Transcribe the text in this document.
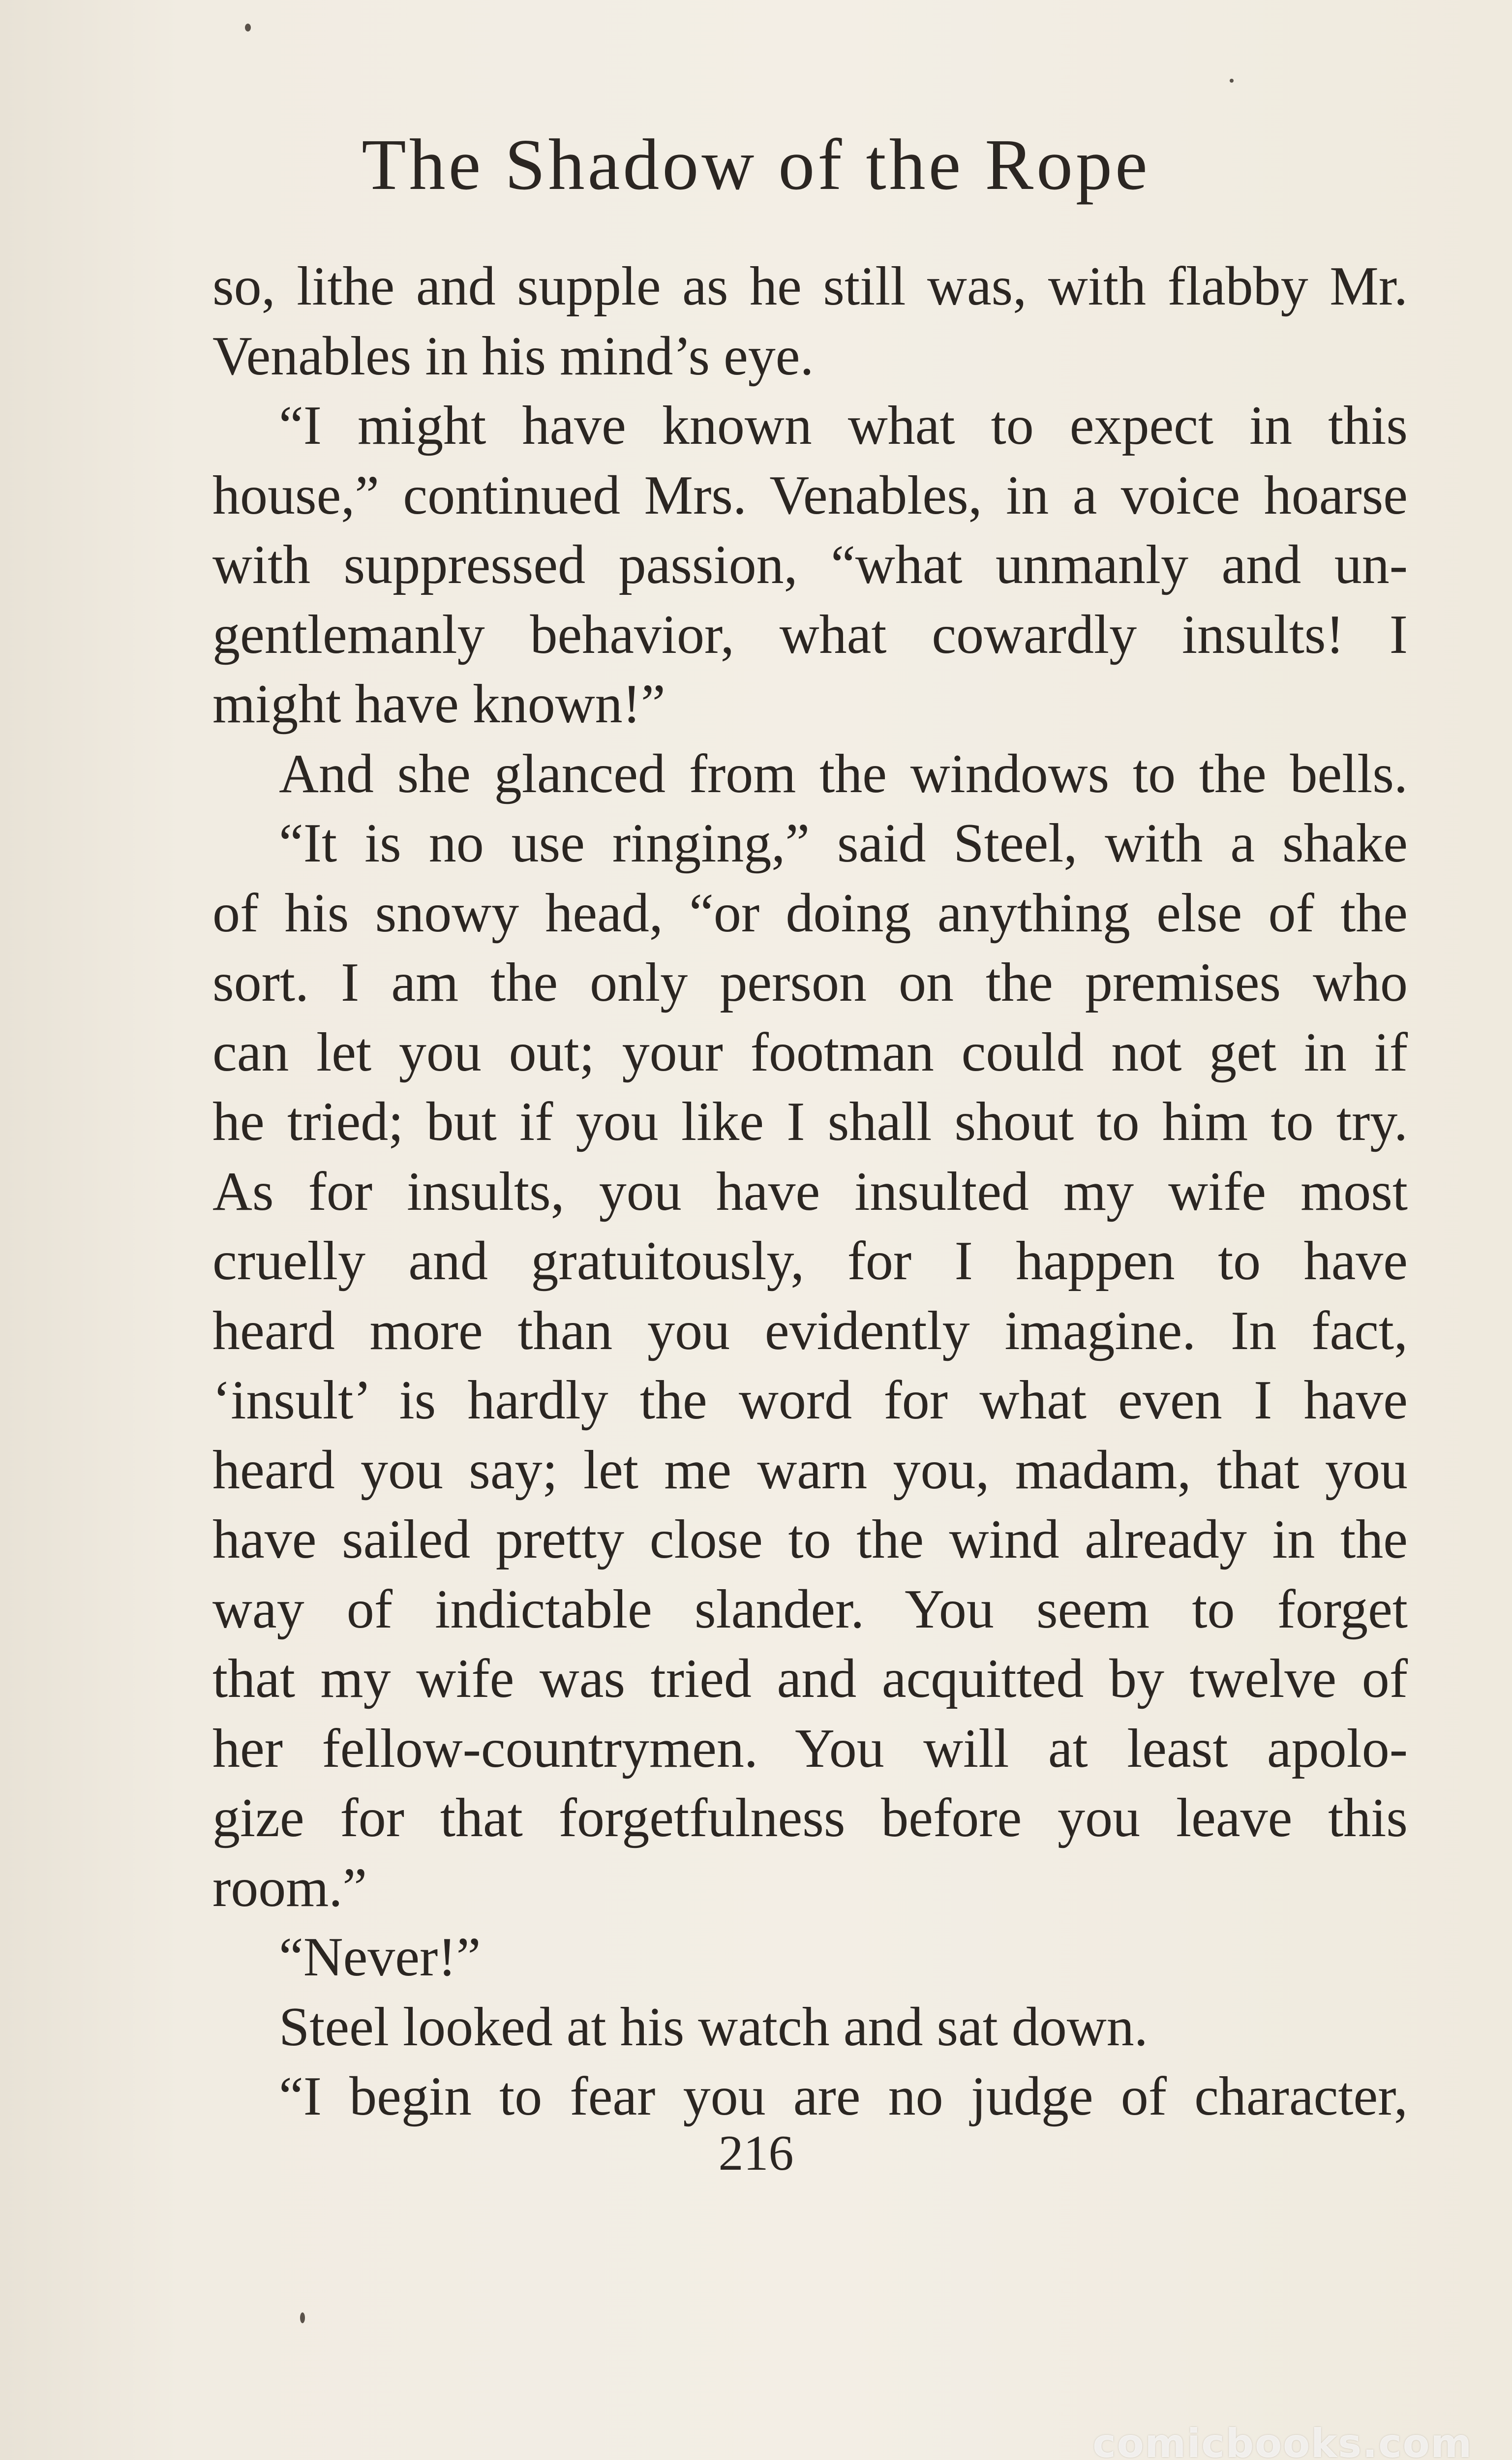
The Shadow of the Rope
so, lithe and supple as he still was, with flabby Mr.
Venables in his mind’s eye.
“I might have known what to expect in this
house,” continued Mrs. Venables, in a voice hoarse
with suppressed passion, “what unmanly and un-
gentlemanly behavior, what cowardly insults! I
might have known!”
And she glanced from the windows to the bells.
“It is no use ringing,” said Steel, with a shake
of his snowy head, “or doing anything else of the
sort. I am the only person on the premises who
can let you out; your footman could not get in if
he tried; but if you like I shall shout to him to try.
As for insults, you have insulted my wife most
cruelly and gratuitously, for I happen to have
heard more than you evidently imagine. In fact,
‘insult’ is hardly the word for what even I have
heard you say; let me warn you, madam, that you
have sailed pretty close to the wind already in the
way of indictable slander. You seem to forget
that my wife was tried and acquitted by twelve of
her fellow-countrymen. You will at least apolo-
gize for that forgetfulness before you leave this
room.”
“Never!”
Steel looked at his watch and sat down.
“I begin to fear you are no judge of character,
216
comicbooks.com
